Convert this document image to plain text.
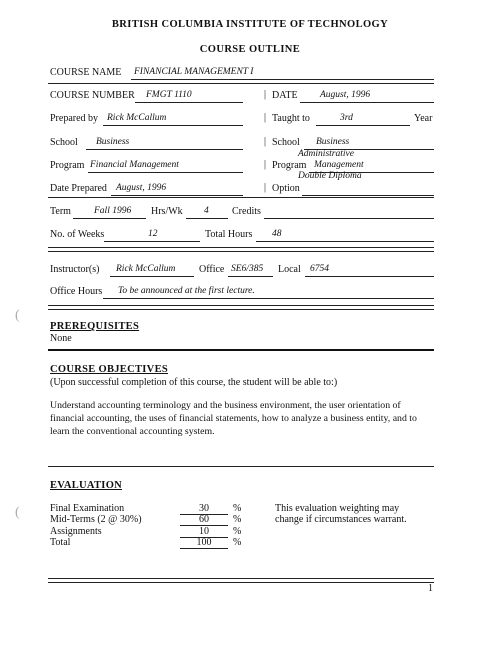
BRITISH COLUMBIA INSTITUTE OF TECHNOLOGY
COURSE OUTLINE
COURSE NAME FINANCIAL MANAGEMENT I
COURSE NUMBER FMGT 1110	| DATE August, 1996
Prepared by Rick McCallum	| Taught to	3rd	Year
School Business	| School Business
Administrative
Program Financial Management	| Program Management
Double Diploma
Date Prepared August, 1996	| Option
Term Fall 1996 Hrs/Wk 4 Credits
No. of Weeks	12	Total Hours 48
Instructor(s) Rick McCallum Office SE6/385 Local 6754
Office Hours To be announced at the first lecture.
PREREQUISITES
None
COURSE OBJECTIVES
(Upon successful completion of this course, the student will be able to:)
Understand accounting terminology and the business environment, the user orientation of financial accounting, the uses of financial statements, how to analyze a business entity, and to learn the conventional accounting system.
EVALUATION
Final Examination	30	%
Mid-Terms (2 @ 30%)	60	%
Assignments	10	%
Total	100	%
This evaluation weighting may
change if circumstances warrant.
1
(
(
